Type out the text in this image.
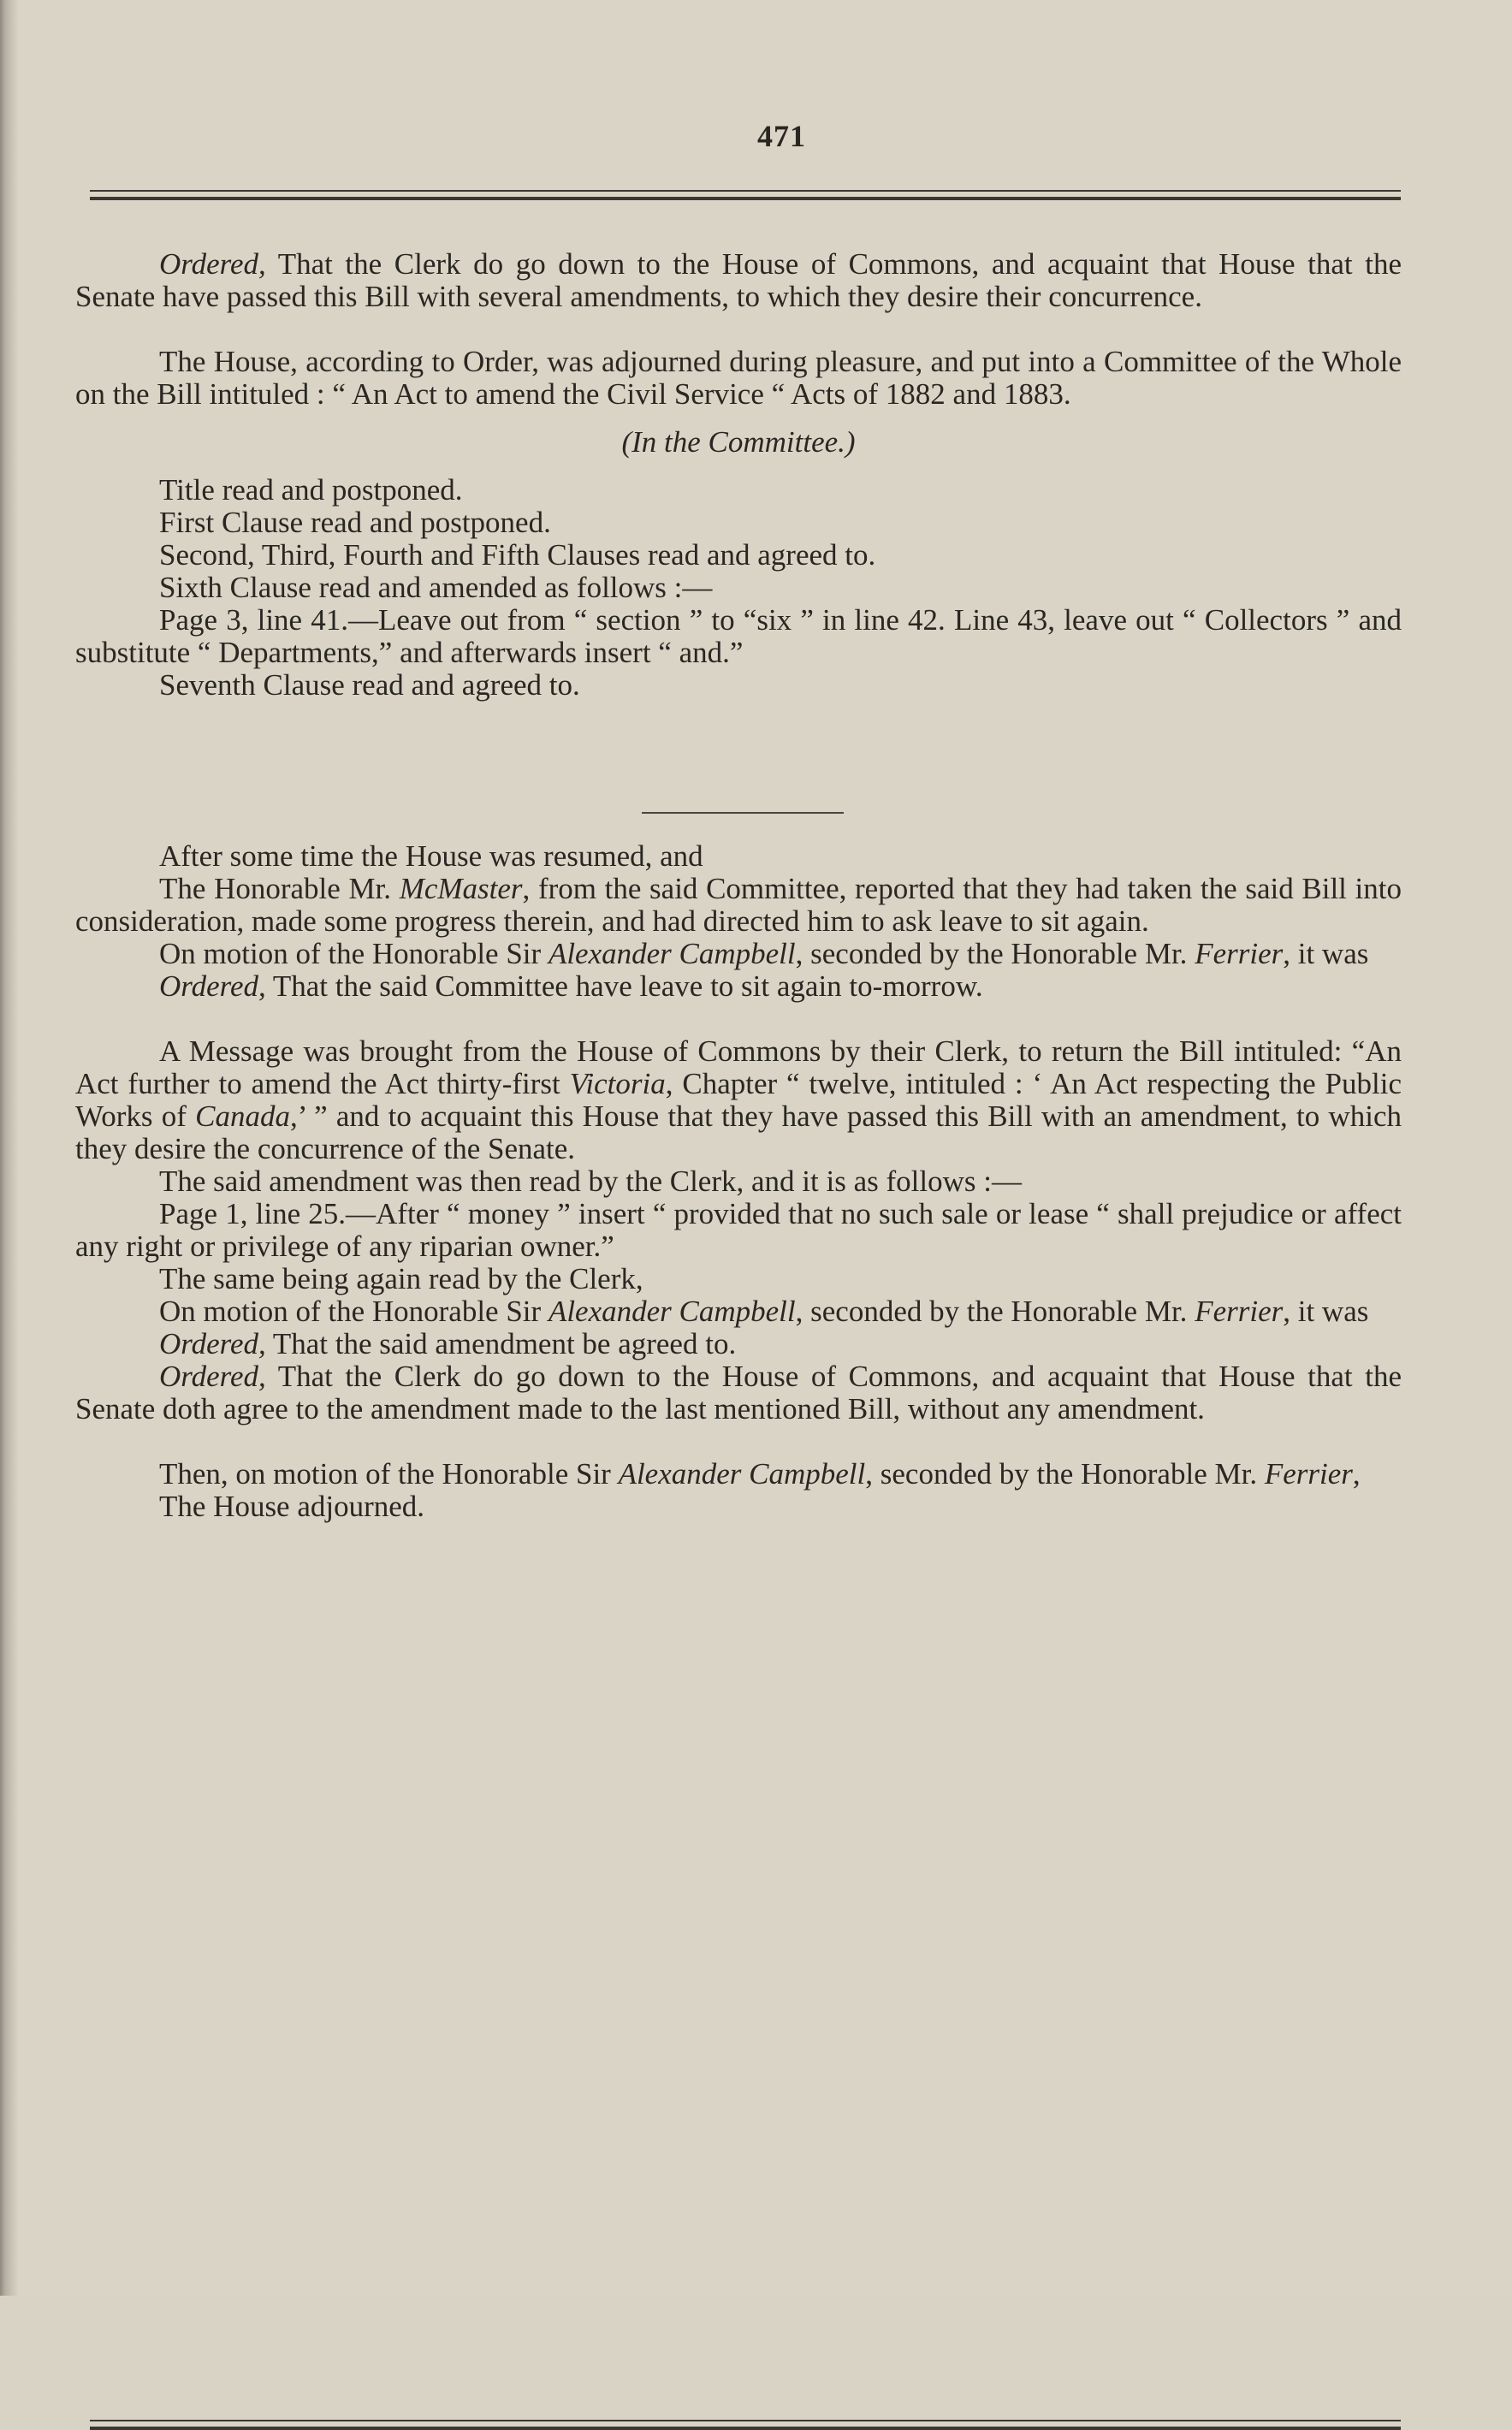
471

Ordered, That the Clerk do go down to the House of Commons, and acquaint that House that the Senate have passed this Bill with several amendments, to which they desire their concurrence.

The House, according to Order, was adjourned during pleasure, and put into a Committee of the Whole on the Bill intituled : “ An Act to amend the Civil Service “ Acts of 1882 and 1883.

(In the Committee.)

Title read and postponed.

First Clause read and postponed.

Second, Third, Fourth and Fifth Clauses read and agreed to.

Sixth Clause read and amended as follows :—

Page 3, line 41.—Leave out from “ section ” to “six ” in line 42. Line 43, leave out “ Collectors ” and substitute “ Departments,” and afterwards insert “ and.”

Seventh Clause read and agreed to.

After some time the House was resumed, and

The Honorable Mr. McMaster, from the said Committee, reported that they had taken the said Bill into consideration, made some progress therein, and had directed him to ask leave to sit again.

On motion of the Honorable Sir Alexander Campbell, seconded by the Honorable Mr. Ferrier, it was

Ordered, That the said Committee have leave to sit again to-morrow.

A Message was brought from the House of Commons by their Clerk, to return the Bill intituled: “An Act further to amend the Act thirty-first Victoria, Chapter “ twelve, intituled : ‘ An Act respecting the Public Works of Canada,’ ” and to acquaint this House that they have passed this Bill with an amendment, to which they desire the concurrence of the Senate.

The said amendment was then read by the Clerk, and it is as follows :—

Page 1, line 25.—After “ money ” insert “ provided that no such sale or lease “ shall prejudice or affect any right or privilege of any riparian owner.”

The same being again read by the Clerk,

On motion of the Honorable Sir Alexander Campbell, seconded by the Honorable Mr. Ferrier, it was

Ordered, That the said amendment be agreed to.

Ordered, That the Clerk do go down to the House of Commons, and acquaint that House that the Senate doth agree to the amendment made to the last mentioned Bill, without any amendment.

Then, on motion of the Honorable Sir Alexander Campbell, seconded by the Honorable Mr. Ferrier,

The House adjourned.
